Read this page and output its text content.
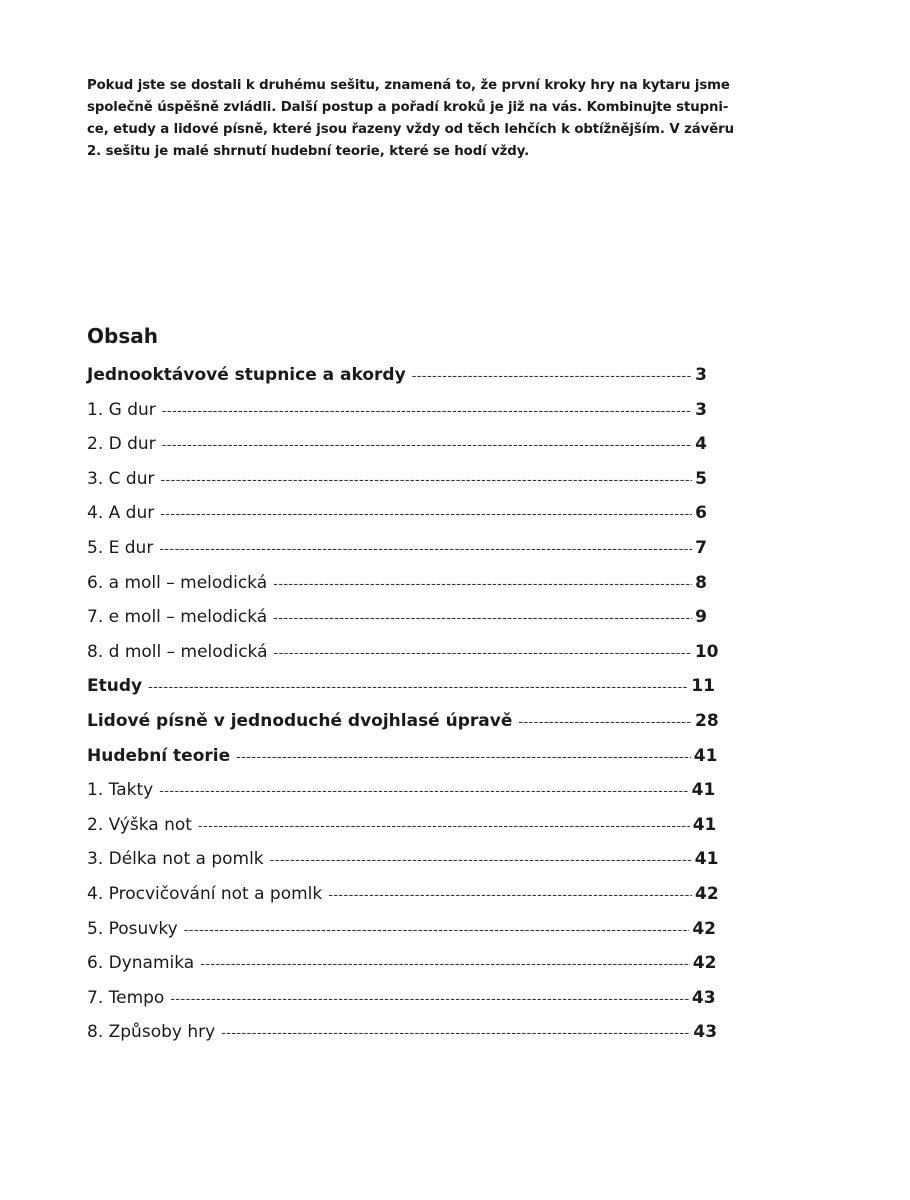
Pokud jste se dostali k druhému sešitu, znamená to, že první kroky hry na kytaru jsme
společně úspěšně zvládli. Další postup a pořadí kroků je již na vás. Kombinujte stupni-
ce, etudy a lidové písně, které jsou řazeny vždy od těch lehčích k obtížnějším. V závěru
2. sešitu je malé shrnutí hudební teorie, které se hodí vždy.

Obsah
Jednooktávové stupnice a akordy -----	3
1. G dur -----	3
2. D dur -----	4
3. C dur -----	5
4. A dur -----	6
5. E dur -----	7
6. a moll – melodická -----	8
7. e moll – melodická -----	9
8. d moll – melodická -----	10
Etudy -----	11
Lidové písně v jednoduché dvojhlasé úpravě -----	28
Hudební teorie -----	41
1. Takty -----	41
2. Výška not -----	41
3. Délka not a pomlk -----	41
4. Procvičování not a pomlk -----	42
5. Posuvky -----	42
6. Dynamika -----	42
7. Tempo -----	43
8. Způsoby hry -----	43
